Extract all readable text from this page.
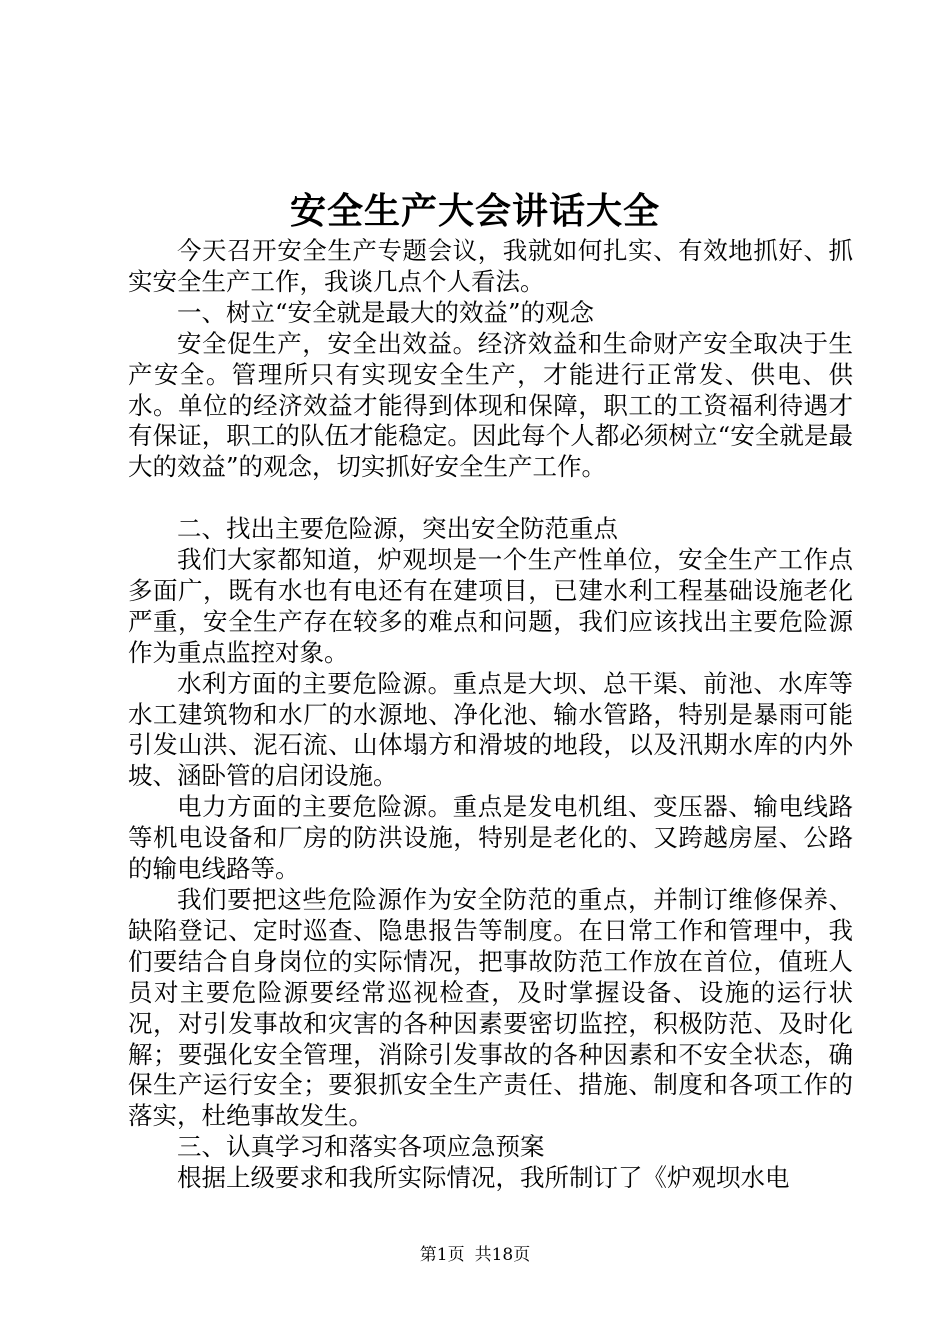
安全生产大会讲话大全

今天召开安全生产专题会议，我就如何扎实、有效地抓好、抓实安全生产工作，我谈几点个人看法。

一、树立“安全就是最大的效益”的观念

安全促生产，安全出效益。经济效益和生命财产安全取决于生产安全。管理所只有实现安全生产，才能进行正常发、供电、供水。单位的经济效益才能得到体现和保障，职工的工资福利待遇才有保证，职工的队伍才能稳定。因此每个人都必须树立“安全就是最大的效益”的观念，切实抓好安全生产工作。

二、找出主要危险源，突出安全防范重点

我们大家都知道，炉观坝是一个生产性单位，安全生产工作点多面广，既有水也有电还有在建项目，已建水利工程基础设施老化严重，安全生产存在较多的难点和问题，我们应该找出主要危险源作为重点监控对象。

水利方面的主要危险源。重点是大坝、总干渠、前池、水库等水工建筑物和水厂的水源地、净化池、输水管路，特别是暴雨可能引发山洪、泥石流、山体塌方和滑坡的地段，以及汛期水库的内外坡、涵卧管的启闭设施。

电力方面的主要危险源。重点是发电机组、变压器、输电线路等机电设备和厂房的防洪设施，特别是老化的、又跨越房屋、公路的输电线路等。

我们要把这些危险源作为安全防范的重点，并制订维修保养、缺陷登记、定时巡查、隐患报告等制度。在日常工作和管理中，我们要结合自身岗位的实际情况，把事故防范工作放在首位，值班人员对主要危险源要经常巡视检查，及时掌握设备、设施的运行状况，对引发事故和灾害的各种因素要密切监控，积极防范、及时化解；要强化安全管理，消除引发事故的各种因素和不安全状态，确保生产运行安全；要狠抓安全生产责任、措施、制度和各项工作的落实，杜绝事故发生。

三、认真学习和落实各项应急预案

根据上级要求和我所实际情况，我所制订了《炉观坝水电

第1页 共18页
